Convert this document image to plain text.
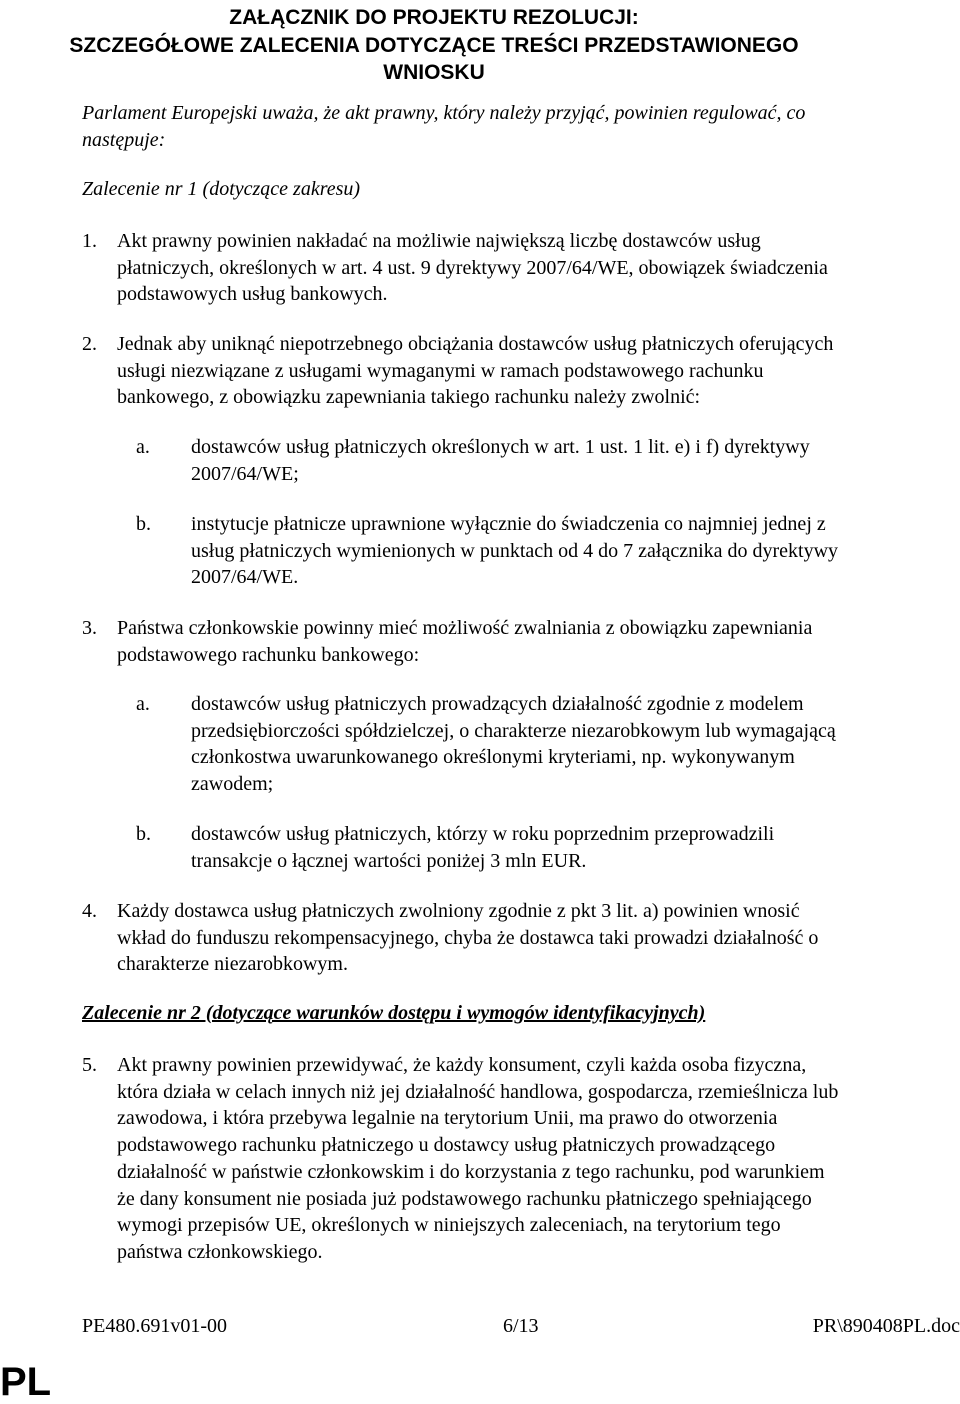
ZAŁĄCZNIK DO PROJEKTU REZOLUCJI:
SZCZEGÓŁOWE ZALECENIA DOTYCZĄCE TREŚCI PRZEDSTAWIONEGO
WNIOSKU
Parlament Europejski uważa, że akt prawny, który należy przyjąć, powinien regulować, co
następuje:
Zalecenie nr 1 (dotyczące zakresu)
1. Akt prawny powinien nakładać na możliwie największą liczbę dostawców usług
płatniczych, określonych w art. 4 ust. 9 dyrektywy 2007/64/WE, obowiązek świadczenia
podstawowych usług bankowych.
2. Jednak aby uniknąć niepotrzebnego obciążania dostawców usług płatniczych oferujących
usługi niezwiązane z usługami wymaganymi w ramach podstawowego rachunku
bankowego, z obowiązku zapewniania takiego rachunku należy zwolnić:
a. dostawców usług płatniczych określonych w art. 1 ust. 1 lit. e) i f) dyrektywy
2007/64/WE;
b. instytucje płatnicze uprawnione wyłącznie do świadczenia co najmniej jednej z
usług płatniczych wymienionych w punktach od 4 do 7 załącznika do dyrektywy
2007/64/WE.
3. Państwa członkowskie powinny mieć możliwość zwalniania z obowiązku zapewniania
podstawowego rachunku bankowego:
a. dostawców usług płatniczych prowadzących działalność zgodnie z modelem
przedsiębiorczości spółdzielczej, o charakterze niezarobkowym lub wymagającą
członkostwa uwarunkowanego określonymi kryteriami, np. wykonywanym
zawodem;
b. dostawców usług płatniczych, którzy w roku poprzednim przeprowadzili
transakcje o łącznej wartości poniżej 3 mln EUR.
4. Każdy dostawca usług płatniczych zwolniony zgodnie z pkt 3 lit. a) powinien wnosić
wkład do funduszu rekompensacyjnego, chyba że dostawca taki prowadzi działalność o
charakterze niezarobkowym.
Zalecenie nr 2 (dotyczące warunków dostępu i wymogów identyfikacyjnych)
5. Akt prawny powinien przewidywać, że każdy konsument, czyli każda osoba fizyczna,
która działa w celach innych niż jej działalność handlowa, gospodarcza, rzemieślnicza lub
zawodowa, i która przebywa legalnie na terytorium Unii, ma prawo do otworzenia
podstawowego rachunku płatniczego u dostawcy usług płatniczych prowadzącego
działalność w państwie członkowskim i do korzystania z tego rachunku, pod warunkiem
że dany konsument nie posiada już podstawowego rachunku płatniczego spełniającego
wymogi przepisów UE, określonych w niniejszych zaleceniach, na terytorium tego
państwa członkowskiego.
PE480.691v01-00	6/13	PR\890408PL.doc
PL
